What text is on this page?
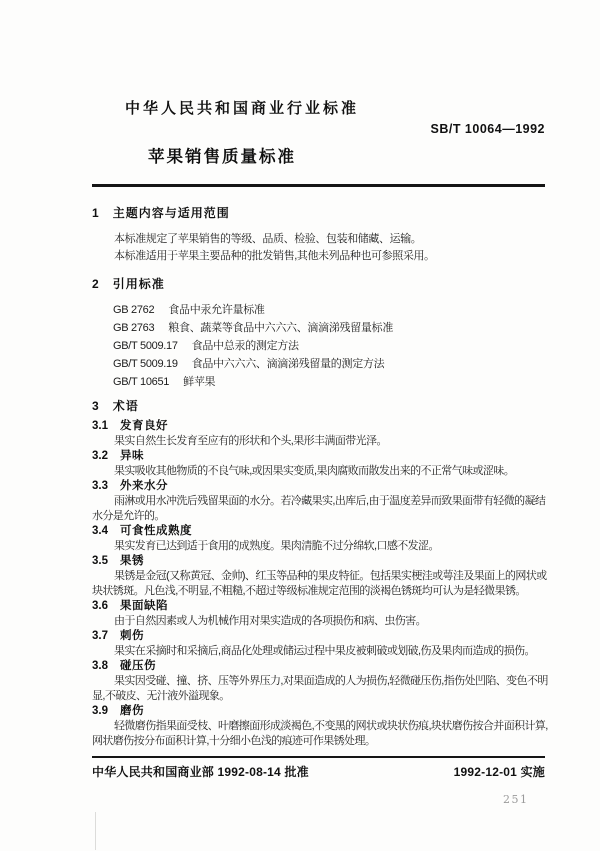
中华人民共和国商业行业标准
SB/T 10064—1992
苹果销售质量标准
1 主题内容与适用范围

本标准规定了苹果销售的等级、品质、检验、包装和储藏、运输。

本标准适用于苹果主要品种的批发销售,其他未列品种也可参照采用。

2 引用标准
GB 2762 食品中汞允许量标准
GB 2763 粮食、蔬菜等食品中六六六、滴滴涕残留量标准
GB/T 5009.17 食品中总汞的测定方法
GB/T 5009.19 食品中六六六、滴滴涕残留量的测定方法
GB/T 10651 鲜苹果
3 术语
3.1 发育良好

果实自然生长发育至应有的形状和个头,果形丰满面带光泽。

3.2 异味

果实吸收其他物质的不良气味,或因果实变质,果肉腐败而散发出来的不正常气味或涩味。

3.3 外来水分

雨淋或用水冲洗后残留果面的水分。若冷藏果实,出库后,由于温度差异而致果面带有轻微的凝结水分是允许的。

3.4 可食性成熟度

果实发育已达到适于食用的成熟度。果肉清脆不过分绵软,口感不发涩。

3.5 果锈

果锈是金冠(又称黄冠、金帅)、红玉等品种的果皮特征。包括果实梗洼或萼洼及果面上的网状或块状锈斑。凡色浅,不明显,不粗糙,不超过等级标准规定范围的淡褐色锈斑均可认为是轻微果锈。

3.6 果面缺陷

由于自然因素或人为机械作用对果实造成的各项损伤和病、虫伤害。

3.7 刺伤

果实在采摘时和采摘后,商品化处理或储运过程中果皮被刺破或划破,伤及果肉而造成的损伤。

3.8 碰压伤

果实因受碰、撞、挤、压等外界压力,对果面造成的人为损伤,轻微碰压伤,指伤处凹陷、变色不明显,不破皮、无汁液外溢现象。

3.9 磨伤

轻微磨伤指果面受枝、叶磨擦面形成淡褐色,不变黑的网状或块状伤痕,块状磨伤按合并面积计算,网状磨伤按分布面积计算,十分细小色浅的痕迹可作果锈处理。

中华人民共和国商业部 1992-08-14 批准	1992-12-01 实施
251
